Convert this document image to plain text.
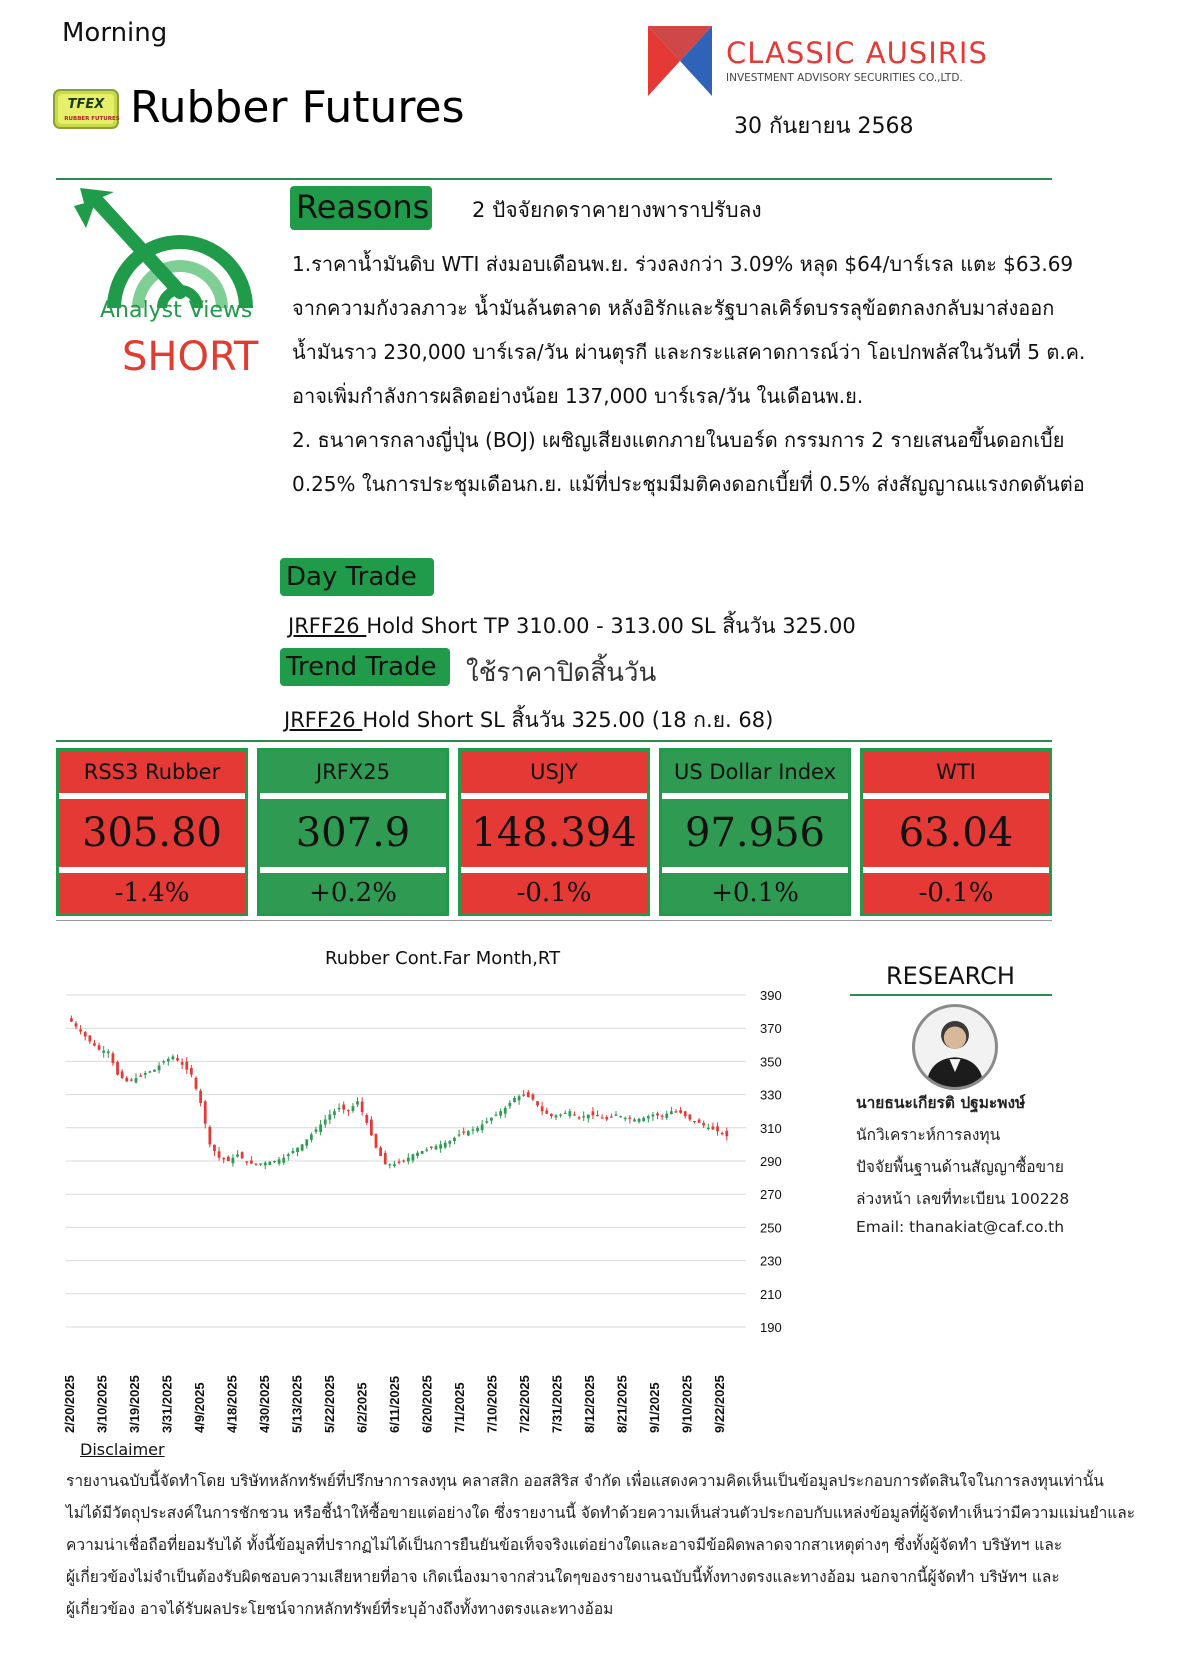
Morning
TFEX
RUBBER FUTURES Rubber Futures
CLASSIC AUSIRIS
INVESTMENT ADVISORY SECURITIES CO.,LTD.
30 กันยายน 2568
Analyst Views
SHORT
Reasons 2 ปัจจัยกดราคายางพาราปรับลง
1.ราคาน้ำมันดิบ WTI ส่งมอบเดือนพ.ย. ร่วงลงกว่า 3.09% หลุด $64/บาร์เรล แตะ $63.69
จากความกังวลภาวะ น้ำมันล้นตลาด หลังอิรักและรัฐบาลเคิร์ดบรรลุข้อตกลงกลับมาส่งออก
น้ำมันราว 230,000 บาร์เรล/วัน ผ่านตุรกี และกระแสคาดการณ์ว่า โอเปกพลัสในวันที่ 5 ต.ค.
อาจเพิ่มกำลังการผลิตอย่างน้อย 137,000 บาร์เรล/วัน ในเดือนพ.ย.
2. ธนาคารกลางญี่ปุ่น (BOJ) เผชิญเสียงแตกภายในบอร์ด กรรมการ 2 รายเสนอขึ้นดอกเบี้ย
0.25% ในการประชุมเดือนก.ย. แม้ที่ประชุมมีมติคงดอกเบี้ยที่ 0.5% ส่งสัญญาณแรงกดดันต่อ
Day Trade
JRFF26 Hold Short TP 310.00 - 313.00 SL สิ้นวัน 325.00
Trend Trade	ใช้ราคาปิดสิ้นวัน
JRFF26 Hold Short SL สิ้นวัน 325.00 (18 ก.ย. 68)
RSS3 Rubber
305.80
-1.4%
JRFX25
307.9
+0.2%
USJY
148.394
-0.1%
US Dollar Index
97.956
+0.1%
WTI
63.04
-0.1%
Rubber Cont.Far Month,RT
390
370
350
330
310
290
270
250
230
210
190
2/20/2025 3/10/2025 3/19/2025 3/31/2025 4/9/2025 4/18/2025 4/30/2025 5/13/2025 5/22/2025 6/2/2025 6/11/2025 6/20/2025 7/1/2025 7/10/2025 7/22/2025 7/31/2025 8/12/2025 8/21/2025 9/1/2025 9/10/2025 9/22/2025
RESEARCH
นายธนะเกียรติ ปฐมะพงษ์
นักวิเคราะห์การลงทุน
ปัจจัยพื้นฐานด้านสัญญาซื้อขาย
ล่วงหน้า เลขที่ทะเบียน 100228
Email: thanakiat@caf.co.th
Disclaimer
รายงานฉบับนี้จัดทำโดย บริษัทหลักทรัพย์ที่ปรึกษาการลงทุน คลาสสิก ออสสิริส จำกัด เพื่อแสดงความคิดเห็นเป็นข้อมูลประกอบการตัดสินใจในการลงทุนเท่านั้น
ไม่ได้มีวัตถุประสงค์ในการชักชวน หรือชี้นำให้ซื้อขายแต่อย่างใด ซึ่งรายงานนี้ จัดทำด้วยความเห็นส่วนตัวประกอบกับแหล่งข้อมูลที่ผู้จัดทำเห็นว่ามีความแม่นยำและ
ความน่าเชื่อถือที่ยอมรับได้ ทั้งนี้ข้อมูลที่ปรากฏไม่ได้เป็นการยืนยันข้อเท็จจริงแต่อย่างใดและอาจมีข้อผิดพลาดจากสาเหตุต่างๆ ซึ่งทั้งผู้จัดทำ บริษัทฯ และ
ผู้เกี่ยวข้องไม่จำเป็นต้องรับผิดชอบความเสียหายที่อาจ เกิดเนื่องมาจากส่วนใดๆของรายงานฉบับนี้ทั้งทางตรงและทางอ้อม นอกจากนี้ผู้จัดทำ บริษัทฯ และ
ผู้เกี่ยวข้อง อาจได้รับผลประโยชน์จากหลักทรัพย์ที่ระบุอ้างถึงทั้งทางตรงและทางอ้อม
